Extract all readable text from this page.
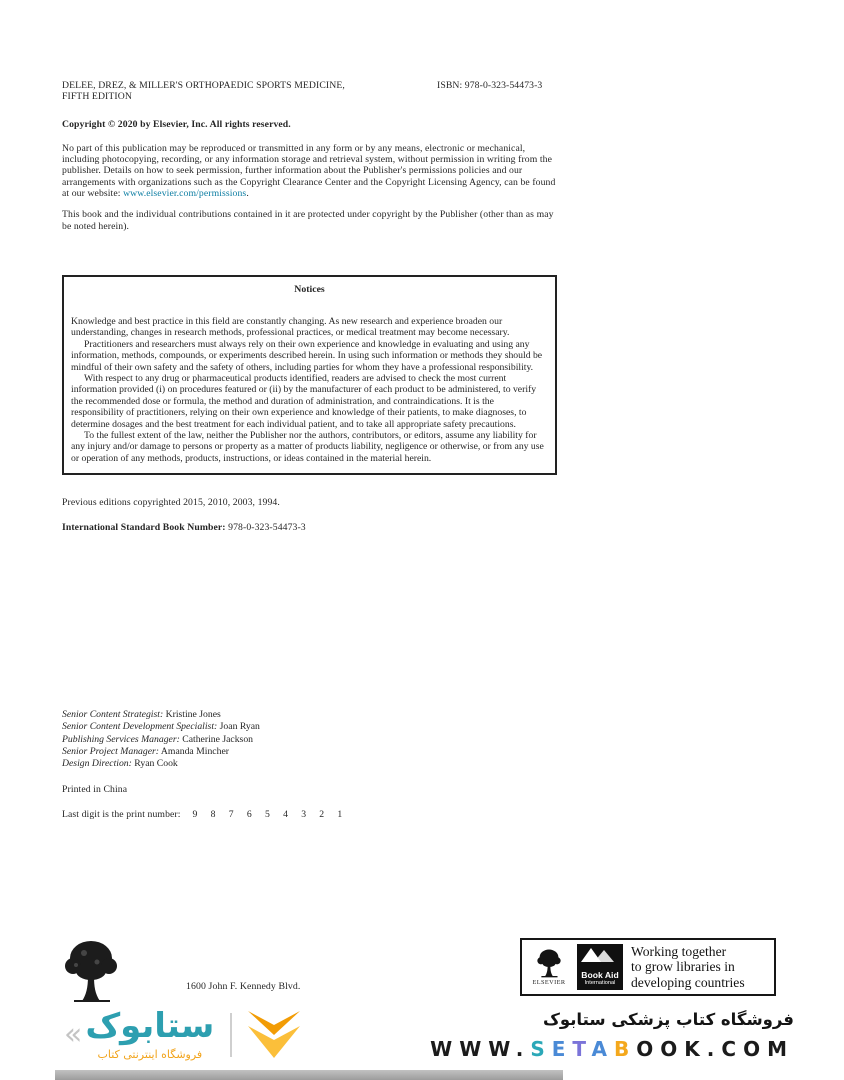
DELEE, DREZ, & MILLER'S ORTHOPAEDIC SPORTS MEDICINE,
FIFTH EDITION
ISBN: 978-0-323-54473-3

Copyright © 2020 by Elsevier, Inc. All rights reserved.

No part of this publication may be reproduced or transmitted in any form or by any means, electronic or mechanical, including photocopying, recording, or any information storage and retrieval system, without permission in writing from the publisher. Details on how to seek permission, further information about the Publisher's permissions policies and our arrangements with organizations such as the Copyright Clearance Center and the Copyright Licensing Agency, can be found at our website: www.elsevier.com/permissions.

This book and the individual contributions contained in it are protected under copyright by the Publisher (other than as may be noted herein).

Notices

Knowledge and best practice in this field are constantly changing. As new research and experience broaden our understanding, changes in research methods, professional practices, or medical treatment may become necessary.

Practitioners and researchers must always rely on their own experience and knowledge in evaluating and using any information, methods, compounds, or experiments described herein. In using such information or methods they should be mindful of their own safety and the safety of others, including parties for whom they have a professional responsibility.

With respect to any drug or pharmaceutical products identified, readers are advised to check the most current information provided (i) on procedures featured or (ii) by the manufacturer of each product to be administered, to verify the recommended dose or formula, the method and duration of administration, and contraindications. It is the responsibility of practitioners, relying on their own experience and knowledge of their patients, to make diagnoses, to determine dosages and the best treatment for each individual patient, and to take all appropriate safety precautions.

To the fullest extent of the law, neither the Publisher nor the authors, contributors, or editors, assume any liability for any injury and/or damage to persons or property as a matter of products liability, negligence or otherwise, or from any use or operation of any methods, products, instructions, or ideas contained in the material herein.

Previous editions copyrighted 2015, 2010, 2003, 1994.

International Standard Book Number: 978-0-323-54473-3

Senior Content Strategist: Kristine Jones
Senior Content Development Specialist: Joan Ryan
Publishing Services Manager: Catherine Jackson
Senior Project Manager: Amanda Mincher
Design Direction: Ryan Cook

Printed in China

Last digit is the print number: 9   8   7   6   5   4   3   2   1

1600 John F. Kennedy Blvd.	ELSEVIER
Book Aid
International
Working together
to grow libraries in
developing countries
« ستابوک
فروشگاه اینترنتی کتاب
فروشگاه کتاب پزشکی ستابوک
WWW.SETABOOK.COM
